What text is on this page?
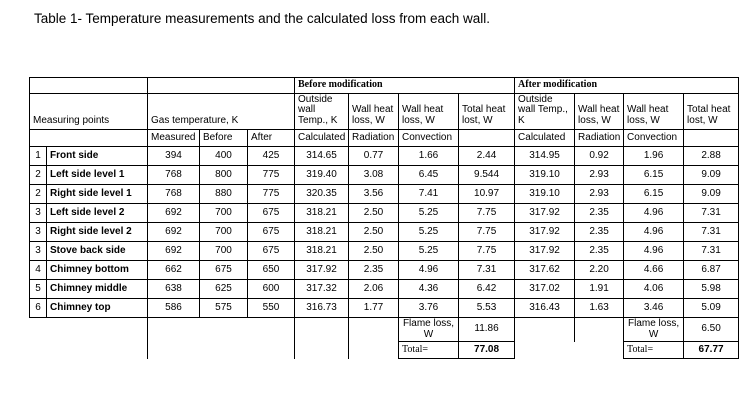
Table 1- Temperature measurements and the calculated loss from each wall.
					Before modification				After modification			
Measuring points		Gas temperature, K			Outside wall Temp., K	Wall heat loss, W	Wall heat loss, W	Total heat lost, W	Outside wall Temp., K	Wall heat loss, W	Wall heat loss, W	Total heat lost, W
		Measured	Before	After	Calculated	Radiation	Convection		Calculated	Radiation	Convection	
1	Front side	394	400	425	314.65	0.77	1.66	2.44	314.95	0.92	1.96	2.88
2	Left side level 1	768	800	775	319.40	3.08	6.45	9.544	319.10	2.93	6.15	9.09
2	Right side level 1	768	880	775	320.35	3.56	7.41	10.97	319.10	2.93	6.15	9.09
3	Left side level 2	692	700	675	318.21	2.50	5.25	7.75	317.92	2.35	4.96	7.31
3	Right side level 2	692	700	675	318.21	2.50	5.25	7.75	317.92	2.35	4.96	7.31
3	Stove back side	692	700	675	318.21	2.50	5.25	7.75	317.92	2.35	4.96	7.31
4	Chimney bottom	662	675	650	317.92	2.35	4.96	7.31	317.62	2.20	4.66	6.87
5	Chimney middle	638	625	600	317.32	2.06	4.36	6.42	317.02	1.91	4.06	5.98
6	Chimney top	586	575	550	316.73	1.77	3.76	5.53	316.43	1.63	3.46	5.09
							Flame loss, W	11.86			Flame loss, W	6.50
							Total=	77.08			Total=	67.77
